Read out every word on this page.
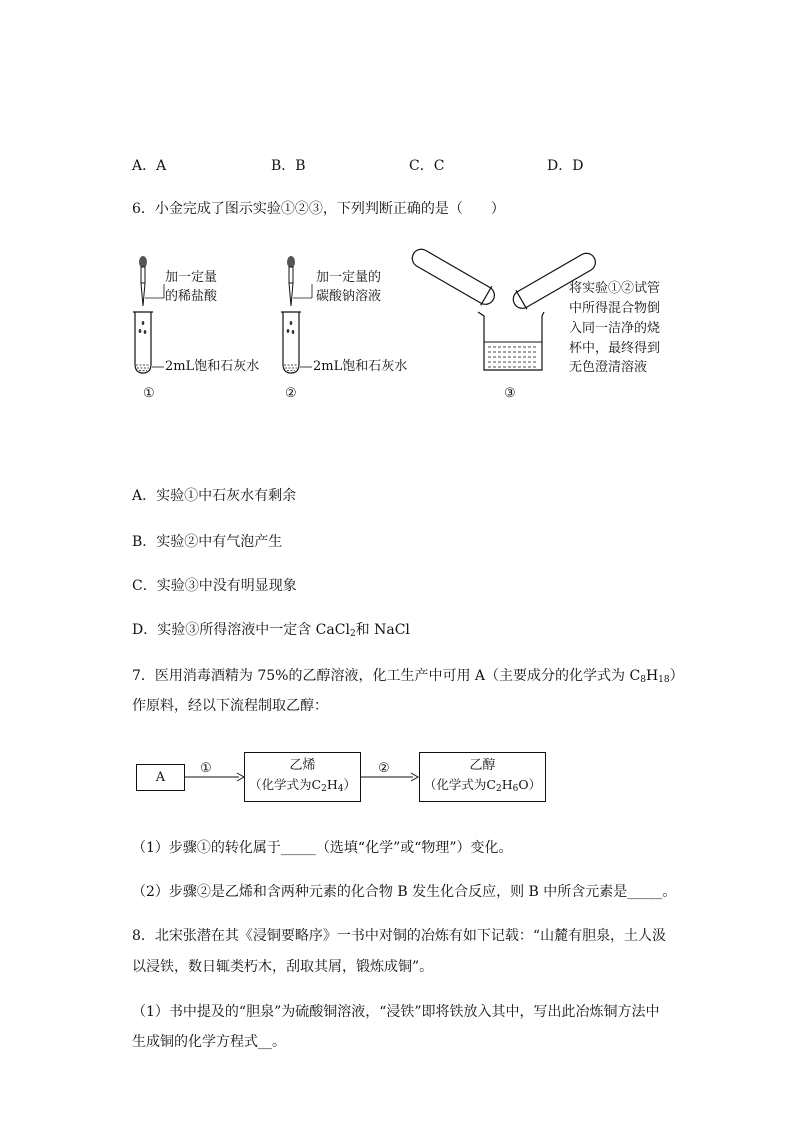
A．A	B．B	C．C	D．D
6．小金完成了图示实验①②③，下列判断正确的是（　　）
加一定量
的稀盐酸
2mL饱和石灰水
①
加一定量的
碳酸钠溶液
2mL饱和石灰水
②
将实验①②试管
中所得混合物倒
入同一洁净的烧
杯中，最终得到
无色澄清溶液
③
A．实验①中石灰水有剩余
B．实验②中有气泡产生
C．实验③中没有明显现象
D．实验③所得溶液中一定含 CaCl$_2$和 NaCl
7．医用消毒酒精为 75%的乙醇溶液，化工生产中可用 A（主要成分的化学式为 $C_8H_{18}$）
作原料，经以下流程制取乙醇：
A
①	乙烯
（化学式为$C_2H_4$）
②	乙醇
（化学式为$C_2H_6O$）
（1）步骤①的转化属于_____（选填“化学”或“物理”）变化。
（2）步骤②是乙烯和含两种元素的化合物 B 发生化合反应，则 B 中所含元素是_____。
8．北宋张潜在其《浸铜要略序》一书中对铜的冶炼有如下记载：“山麓有胆泉，土人汲
以浸铁，数日辄类朽木，刮取其屑，锻炼成铜”。
（1）书中提及的“胆泉”为硫酸铜溶液，“浸铁”即将铁放入其中，写出此冶炼铜方法中
生成铜的化学方程式__。
